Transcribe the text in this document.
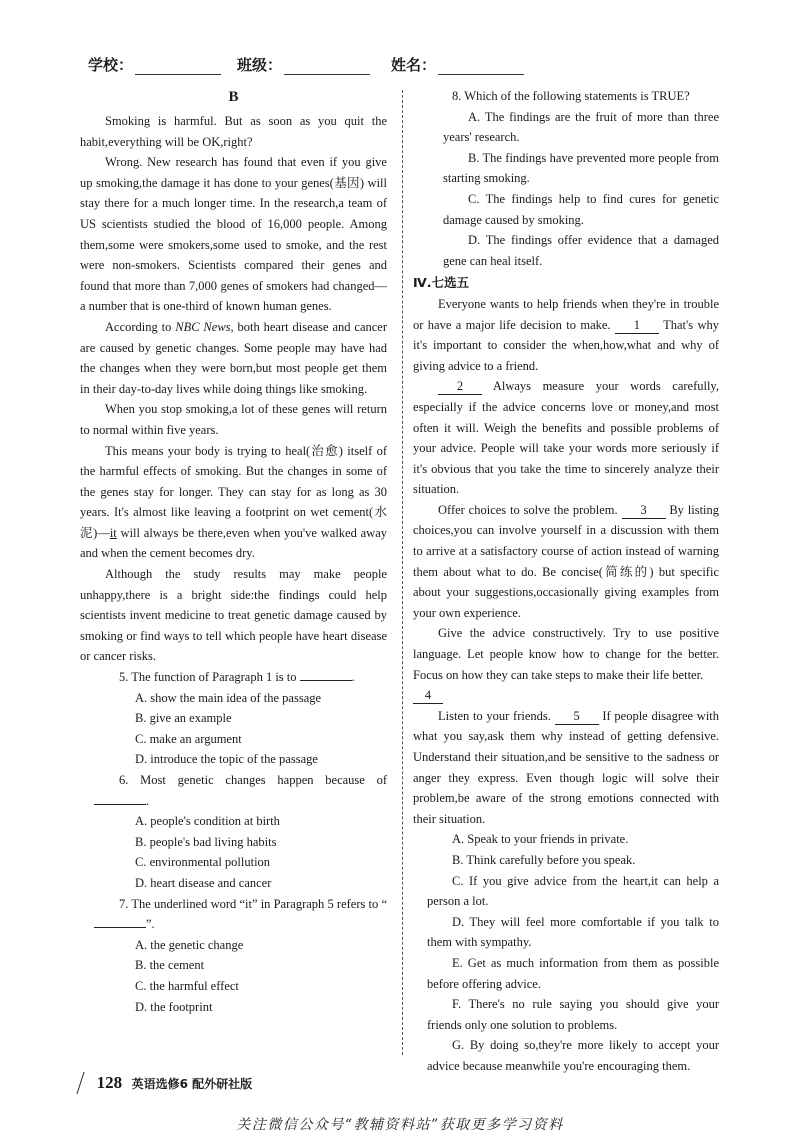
学校：	班级：	姓名：
B

Smoking is harmful. But as soon as you quit the habit,everything will be OK,right?

Wrong. New research has found that even if you give up smoking,the damage it has done to your genes(基因) will stay there for a much longer time. In the research,a team of US scientists studied the blood of 16,000 people. Among them,some were smokers,some used to smoke, and the rest were non-smokers. Scientists compared their genes and found that more than 7,000 genes of smokers had changed—a number that is one-third of known human genes.

According to NBC News, both heart disease and cancer are caused by genetic changes. Some people may have had the changes when they were born,but most people get them in their day-to-day lives while doing things like smoking.

When you stop smoking,a lot of these genes will return to normal within five years.

This means your body is trying to heal(治愈) itself of the harmful effects of smoking. But the changes in some of the genes stay for longer. They can stay for as long as 30 years. It's almost like leaving a footprint on wet cement(水泥)—it will always be there,even when you've walked away and when the cement becomes dry.

Although the study results may make people unhappy,there is a bright side:the findings could help scientists invent medicine to treat genetic damage caused by smoking or find ways to tell which people have heart disease or cancer risks.

5. The function of Paragraph 1 is to	.

A. show the main idea of the passage

B. give an example

C. make an argument

D. introduce the topic of the passage

6. Most genetic changes happen because of .

A. people's condition at birth

B. people's bad living habits

C. environmental pollution

D. heart disease and cancer

7. The underlined word “it” in Paragraph 5 refers to “”.

A. the genetic change

B. the cement

C. the harmful effect

D. the footprint

8. Which of the following statements is TRUE?

A. The findings are the fruit of more than three years' research.

B. The findings have prevented more people from starting smoking.

C. The findings help to find cures for genetic damage caused by smoking.

D. The findings offer evidence that a damaged gene can heal itself.

Ⅳ.七选五

Everyone wants to help friends when they're in trouble or have a major life decision to make. 1 That's why it's important to consider the when,how,what and why of giving advice to a friend.

2 Always measure your words carefully, especially if the advice concerns love or money,and most often it will. Weigh the benefits and possible problems of your advice. People will take your words more seriously if it's obvious that you take the time to sincerely analyze their situation.

Offer choices to solve the problem. 3 By listing choices,you can involve yourself in a discussion with them to arrive at a satisfactory course of action instead of warning them about what to do. Be concise(简练的) but specific about your suggestions,occasionally giving examples from your own experience.

Give the advice constructively. Try to use positive language. Let people know how to change for the better. Focus on how they can take steps to make their life better.

4

Listen to your friends. 5 If people disagree with what you say,ask them why instead of getting defensive. Understand their situation,and be sensitive to the sadness or anger they express. Even though logic will solve their problem,be aware of the strong emotions connected with their situation.

A. Speak to your friends in private.

B. Think carefully before you speak.

C. If you give advice from the heart,it can help a person a lot.

D. They will feel more comfortable if you talk to them with sympathy.

E. Get as much information from them as possible before offering advice.

F. There's no rule saying you should give your friends only one solution to problems.

G. By doing so,they're more likely to accept your advice because meanwhile you're encouraging them.

128 英语选修6 配外研社版
关注微信公众号“教辅资料站”获取更多学习资料
